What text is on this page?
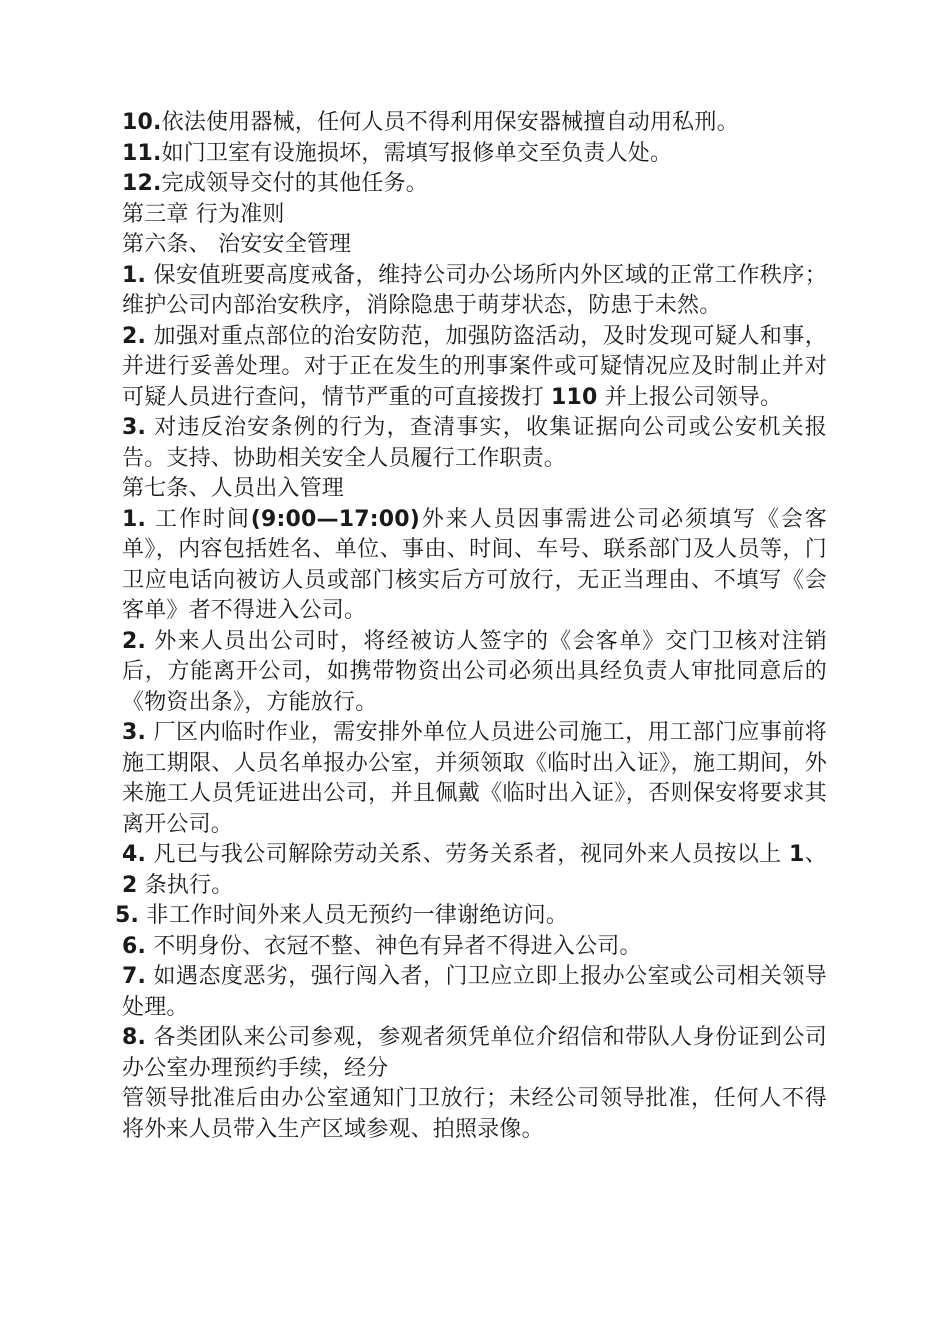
10.依法使用器械，任何人员不得利用保安器械擅自动用私刑。

11.如门卫室有设施损坏，需填写报修单交至负责人处。

12.完成领导交付的其他任务。

第三章 行为准则

第六条、 治安安全管理

1. 保安值班要高度戒备，维持公司办公场所内外区域的正常工作秩序；维护公司内部治安秩序，消除隐患于萌芽状态，防患于未然。

2. 加强对重点部位的治安防范，加强防盗活动，及时发现可疑人和事，并进行妥善处理。对于正在发生的刑事案件或可疑情况应及时制止并对可疑人员进行查问，情节严重的可直接拨打 110 并上报公司领导。

3. 对违反治安条例的行为，查清事实，收集证据向公司或公安机关报告。支持、协助相关安全人员履行工作职责。

第七条、人员出入管理

1. 工作时间(9:00—17:00)外来人员因事需进公司必须填写《会客单》，内容包括姓名、单位、事由、时间、车号、联系部门及人员等，门卫应电话向被访人员或部门核实后方可放行，无正当理由、不填写《会客单》者不得进入公司。

2. 外来人员出公司时，将经被访人签字的《会客单》交门卫核对注销后，方能离开公司，如携带物资出公司必须出具经负责人审批同意后的《物资出条》，方能放行。

3. 厂区内临时作业，需安排外单位人员进公司施工，用工部门应事前将施工期限、人员名单报办公室，并须领取《临时出入证》，施工期间，外来施工人员凭证进出公司，并且佩戴《临时出入证》，否则保安将要求其离开公司。

4. 凡已与我公司解除劳动关系、劳务关系者，视同外来人员按以上 1、2 条执行。

5. 非工作时间外来人员无预约一律谢绝访问。

6. 不明身份、衣冠不整、神色有异者不得进入公司。

7. 如遇态度恶劣，强行闯入者，门卫应立即上报办公室或公司相关领导处理。

8. 各类团队来公司参观，参观者须凭单位介绍信和带队人身份证到公司办公室办理预约手续，经分

管领导批准后由办公室通知门卫放行；未经公司领导批准，任何人不得将外来人员带入生产区域参观、拍照录像。
